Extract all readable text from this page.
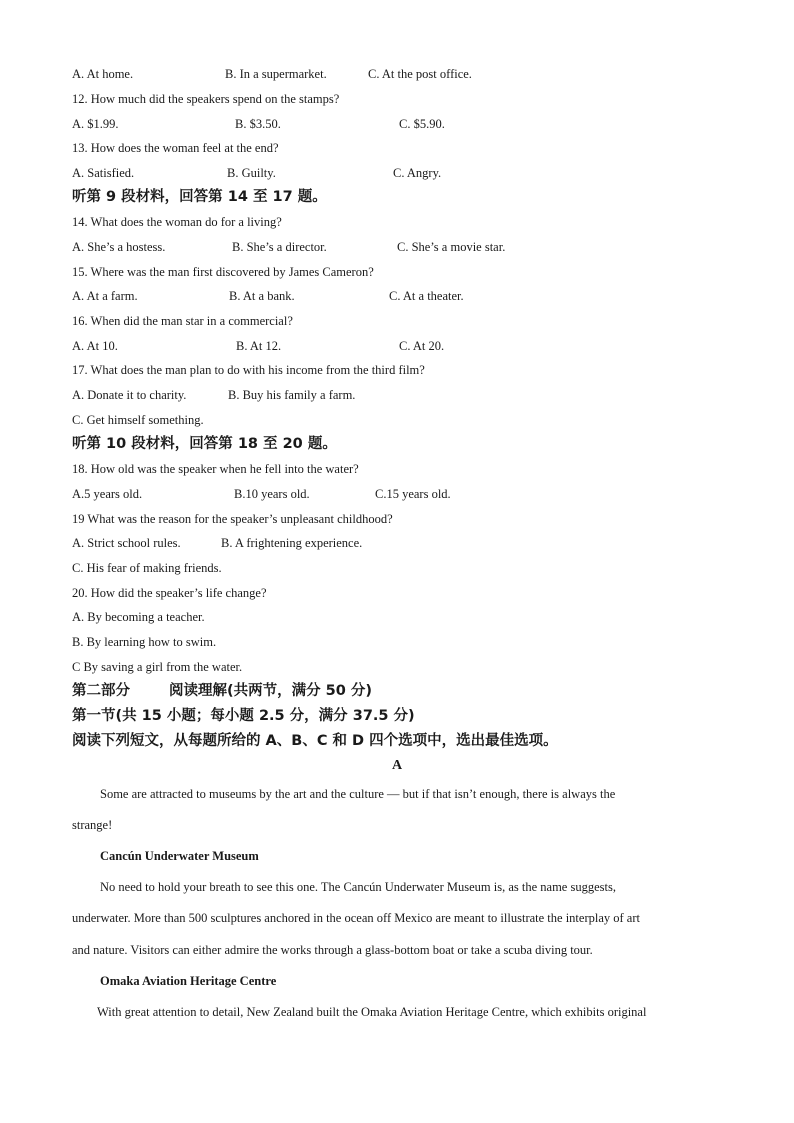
A. At home.	B. In a supermarket.	C. At the post office.
12. How much did the speakers spend on the stamps?
A. $1.99.	B. $3.50.	C. $5.90.
13. How does the woman feel at the end?
A. Satisfied.	B. Guilty.	C. Angry.
听第 9 段材料，回答第 14 至 17 题。
14. What does the woman do for a living?
A. She’s a hostess.	B. She’s a director.	C. She’s a movie star.
15. Where was the man first discovered by James Cameron?
A. At a farm.	B. At a bank.	C. At a theater.
16. When did the man star in a commercial?
A. At 10.	B. At 12.	C. At 20.
17. What does the man plan to do with his income from the third film?
A. Donate it to charity.	B. Buy his family a farm.
C. Get himself something.
听第 10 段材料，回答第 18 至 20 题。
18. How old was the speaker when he fell into the water?
A.5 years old.	B.10 years old.	C.15 years old.
19 What was the reason for the speaker’s unpleasant childhood?
A. Strict school rules.	B. A frightening experience.
C. His fear of making friends.
20. How did the speaker’s life change?
A. By becoming a teacher.
B. By learning how to swim.
C By saving a girl from the water.
第二部分	阅读理解(共两节，满分 50 分)
第一节(共 15 小题；每小题 2.5 分，满分 37.5 分)
阅读下列短文，从每题所给的 A、B、C 和 D 四个选项中，选出最佳选项。
A
Some are attracted to museums by the art and the culture — but if that isn’t enough, there is always the
strange!
Cancún Underwater Museum
No need to hold your breath to see this one. The Cancún Underwater Museum is, as the name suggests,
underwater. More than 500 sculptures anchored in the ocean off Mexico are meant to illustrate the interplay of art
and nature. Visitors can either admire the works through a glass-bottom boat or take a scuba diving tour.
Omaka Aviation Heritage Centre
With great attention to detail, New Zealand built the Omaka Aviation Heritage Centre, which exhibits original
